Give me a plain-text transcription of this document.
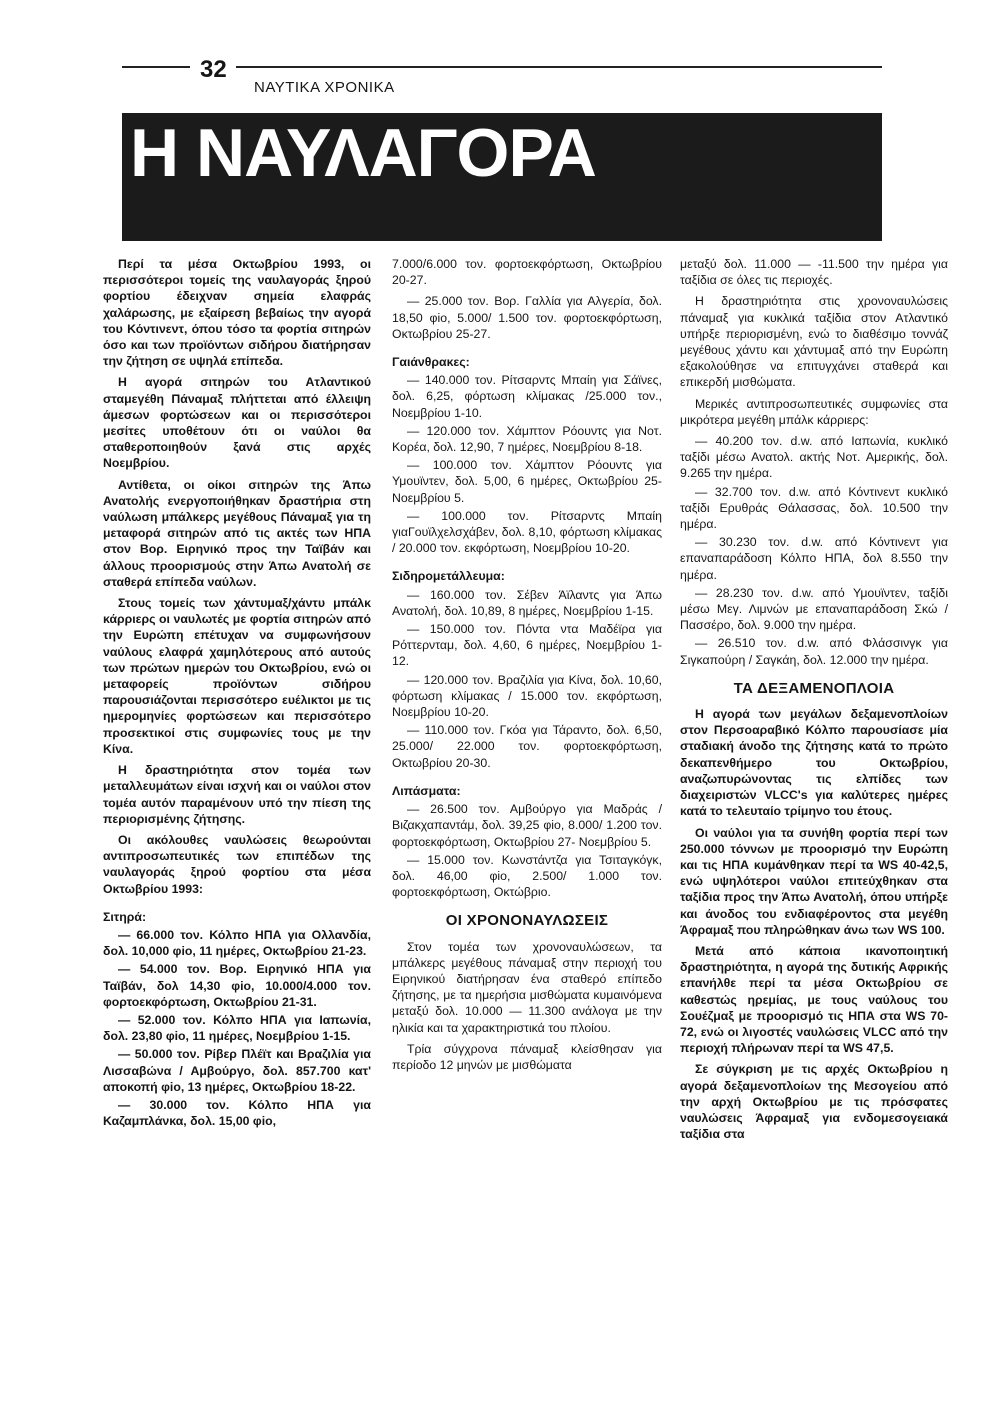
32
ΝΑΥΤΙΚΑ ΧΡΟΝΙΚΑ
Η ΝΑΥΛΑΓΟΡΑ

Περί τα μέσα Οκτωβρίου 1993, οι περισσότεροι τομείς της ναυλαγοράς ξηρού φορτίου έδειχναν σημεία ελαφράς χαλάρωσης, με εξαίρεση βεβαίως την αγορά του Κόντινεντ, όπου τόσο τα φορτία σιτηρών όσο και των προϊόντων σιδήρου διατήρησαν την ζήτηση σε υψηλά επίπεδα.

Η αγορά σιτηρών του Ατλαντικού σταμεγέθη Πάναμαξ πλήττεται από έλλειψη άμεσων φορτώσεων και οι περισσότεροι μεσίτες υποθέτουν ότι οι ναύλοι θα σταθεροποιηθούν ξανά στις αρχές Νοεμβρίου.

Αντίθετα, οι οίκοι σιτηρών της Άπω Ανατολής ενεργοποιήθηκαν δραστήρια στη ναύλωση μπάλκερς μεγέθους Πάναμαξ για τη μεταφορά σιτηρών από τις ακτές των ΗΠΑ στον Βορ. Ειρηνικό προς την Ταϊβάν και άλλους προορισμούς στην Άπω Ανατολή σε σταθερά επίπεδα ναύλων.

Στους τομείς των χάντυμαξ/χάντυ μπάλκ κάρριερς οι ναυλωτές με φορτία σιτηρών από την Ευρώπη επέτυχαν να συμφωνήσουν ναύλους ελαφρά χαμηλότερους από αυτούς των πρώτων ημερών του Οκτωβρίου, ενώ οι μεταφορείς προϊόντων σιδήρου παρουσιάζονται περισσότερο ευέλικτοι με τις ημερομηνίες φορτώσεων και περισσότερο προσεκτικοί στις συμφωνίες τους με την Κίνα.

Η δραστηριότητα στον τομέα των μεταλλευμάτων είναι ισχνή και οι ναύλοι στον τομέα αυτόν παραμένουν υπό την πίεση της περιορισμένης ζήτησης.

Οι ακόλουθες ναυλώσεις θεωρούνται αντιπροσωπευτικές των επιπέδων της ναυλαγοράς ξηρού φορτίου στα μέσα Οκτωβρίου 1993:

Σιτηρά:

— 66.000 τον. Κόλπο ΗΠΑ για Ολλανδία, δολ. 10,000 φio, 11 ημέρες, Οκτωβρίου 21-23.

— 54.000 τον. Βορ. Ειρηνικό ΗΠΑ για Ταϊβάν, δολ 14,30 φio, 10.000/4.000 τον. φορτοεκφόρτωση, Οκτωβρίου 21-31.

— 52.000 τον. Κόλπο ΗΠΑ για Ιαπωνία, δολ. 23,80 φio, 11 ημέρες, Νοεμβρίου 1-15.

— 50.000 τον. Ρίβερ Πλέϊτ και Βραζιλία για Λισσαβώνα / Αμβούργο, δολ. 857.700 κατ' αποκοπή φio, 13 ημέρες, Οκτωβρίου 18-22.

— 30.000 τον. Κόλπο ΗΠΑ για Καζαμπλάνκα, δολ. 15,00 φio,

7.000/6.000 τον. φορτοεκφόρτωση, Οκτωβρίου 20-27.

— 25.000 τον. Βορ. Γαλλία για Αλγερία, δολ. 18,50 φio, 5.000/ 1.500 τον. φορτοεκφόρτωση, Οκτωβρίου 25-27.

Γαιάνθρακες:

— 140.000 τον. Ρίτσαρντς Μπαίη για Σάϊνες, δολ. 6,25, φόρτωση κλίμακας /25.000 τον., Νοεμβρίου 1-10.

— 120.000 τον. Χάμπτον Ρόουντς για Νοτ. Κορέα, δολ. 12,90, 7 ημέρες, Νοεμβρίου 8-18.

— 100.000 τον. Χάμπτον Ρόουντς για Υμουϊντεν, δολ. 5,00, 6 ημέρες, Οκτωβρίου 25- Νοεμβρίου 5.

— 100.000 τον. Ρίτσαρντς Μπαίη γιαΓουϊλχελσχάβεν, δολ. 8,10, φόρτωση κλίμακας / 20.000 τον. εκφόρτωση, Νοεμβρίου 10-20.

Σιδηρομετάλλευμα:

— 160.000 τον. Σέβεν Άϊλαντς για Άπω Ανατολή, δολ. 10,89, 8 ημέρες, Νοεμβρίου 1-15.

— 150.000 τον. Πόντα ντα Μαδέϊρα για Ρόττερνταμ, δολ. 4,60, 6 ημέρες, Νοεμβρίου 1-12.

— 120.000 τον. Βραζιλία για Κίνα, δολ. 10,60, φόρτωση κλίμακας / 15.000 τον. εκφόρτωση, Νοεμβρίου 10-20.

— 110.000 τον. Γκόα για Τάραντο, δολ. 6,50, 25.000/ 22.000 τον. φορτοεκφόρτωση, Οκτωβρίου 20-30.

Λιπάσματα:

— 26.500 τον. Αμβούργο για Μαδράς / Βιζακχαπαντάμ, δολ. 39,25 φio, 8.000/ 1.200 τον. φορτοεκφόρτωση, Οκτωβρίου 27- Νοεμβρίου 5.

— 15.000 τον. Κωνστάντζα για Τσιταγκόγκ, δολ. 46,00 φio, 2.500/ 1.000 τον. φορτοεκφόρτωση, Οκτώβριο.

ΟΙ ΧΡΟΝΟΝΑΥΛΩΣΕΙΣ

Στον τομέα των χρονοναυλώσεων, τα μπάλκερς μεγέθους πάναμαξ στην περιοχή του Ειρηνικού διατήρησαν ένα σταθερό επίπεδο ζήτησης, με τα ημερήσια μισθώματα κυμαινόμενα μεταξύ δολ. 10.000 — 11.300 ανάλογα με την ηλικία και τα χαρακτηριστικά του πλοίου.

Τρία σύγχρονα πάναμαξ κλείσθησαν για περίοδο 12 μηνών με μισθώματα

μεταξύ δολ. 11.000 — -11.500 την ημέρα για ταξίδια σε όλες τις περιοχές.

Η δραστηριότητα στις χρονοναυλώσεις πάναμαξ για κυκλικά ταξίδια στον Ατλαντικό υπήρξε περιορισμένη, ενώ το διαθέσιμο τοννάζ μεγέθους χάντυ και χάντυμαξ από την Ευρώπη εξακολούθησε να επιτυγχάνει σταθερά και επικερδή μισθώματα.

Μερικές αντιπροσωπευτικές συμφωνίες στα μικρότερα μεγέθη μπάλκ κάρριερς:

— 40.200 τον. d.w. από Ιαπωνία, κυκλικό ταξίδι μέσω Ανατολ. ακτής Νοτ. Αμερικής, δολ. 9.265 την ημέρα.

— 32.700 τον. d.w. από Κόντινεντ κυκλικό ταξίδι Ερυθράς Θάλασσας, δολ. 10.500 την ημέρα.

— 30.230 τον. d.w. από Κόντινεντ για επαναπαράδοση Κόλπο ΗΠΑ, δολ 8.550 την ημέρα.

— 28.230 τον. d.w. από Υμουϊντεν, ταξίδι μέσω Μεγ. Λιμνών με επαναπαράδοση Σκώ / Πασσέρο, δολ. 9.000 την ημέρα.

— 26.510 τον. d.w. από Φλάσσινγκ για Σιγκαπούρη / Σαγκάη, δολ. 12.000 την ημέρα.

ΤΑ ΔΕΞΑΜΕΝΟΠΛΟΙΑ

Η αγορά των μεγάλων δεξαμενοπλοίων στον Περσοαραβικό Κόλπο παρουσίασε μία σταδιακή άνοδο της ζήτησης κατά το πρώτο δεκαπενθήμερο του Οκτωβρίου, αναζωπυρώνοντας τις ελπίδες των διαχειριστών VLCC's για καλύτερες ημέρες κατά το τελευταίο τρίμηνο του έτους.

Οι ναύλοι για τα συνήθη φορτία περί των 250.000 τόννων με προορισμό την Ευρώπη και τις ΗΠΑ κυμάνθηκαν περί τα WS 40-42,5, ενώ υψηλότεροι ναύλοι επιτεύχθηκαν στα ταξίδια προς την Άπω Ανατολή, όπου υπήρξε και άνοδος του ενδιαφέροντος στα μεγέθη Άφραμαξ που πληρώθηκαν άνω των WS 100.

Μετά από κάποια ικανοποιητική δραστηριότητα, η αγορά της δυτικής Αφρικής επανήλθε περί τα μέσα Οκτωβρίου σε καθεστώς ηρεμίας, με τους ναύλους του Σουέζμαξ με προορισμό τις ΗΠΑ στα WS 70-72, ενώ οι λιγοστές ναυλώσεις VLCC από την περιοχή πλήρωναν περί τα WS 47,5.

Σε σύγκριση με τις αρχές Οκτωβρίου η αγορά δεξαμενοπλοίων της Μεσογείου από την αρχή Οκτωβρίου με τις πρόσφατες ναυλώσεις Άφραμαξ για ενδομεσογειακά ταξίδια στα
